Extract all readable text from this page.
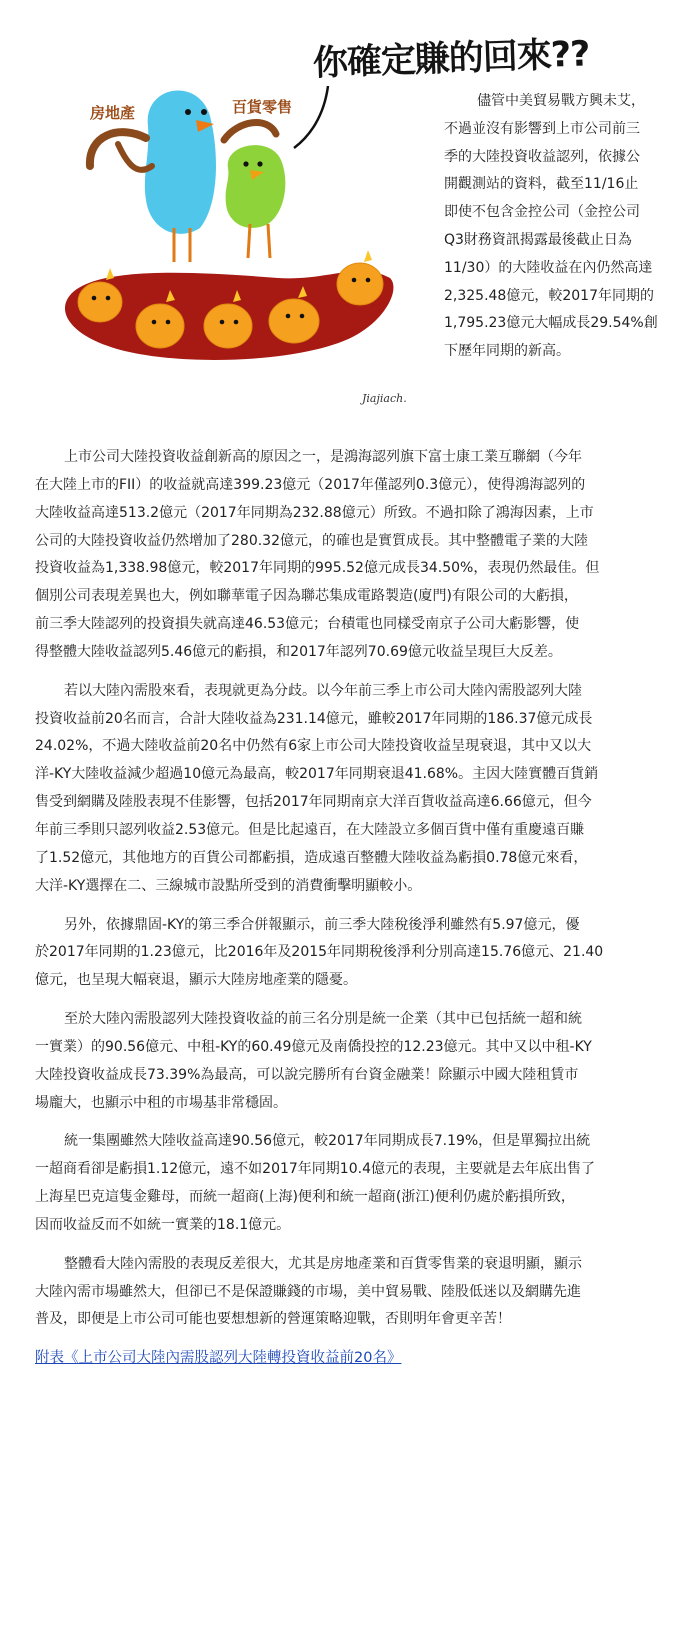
你確定賺的回來??
房地產	百貨零售
Jiajiach.
儘管中美貿易戰方興未艾，
不過並沒有影響到上市公司前三
季的大陸投資收益認列，依據公
開觀測站的資料，截至11/16止
即使不包含金控公司（金控公司
Q3財務資訊揭露最後截止日為
11/30）的大陸收益在內仍然高達
2,325.48億元，較2017年同期的
1,795.23億元大幅成長29.54%創
下歷年同期的新高。

上市公司大陸投資收益創新高的原因之一，是鴻海認列旗下富士康工業互聯網（今年
在大陸上市的FII）的收益就高達399.23億元（2017年僅認列0.3億元），使得鴻海認列的
大陸收益高達513.2億元（2017年同期為232.88億元）所致。不過扣除了鴻海因素，上市
公司的大陸投資收益仍然增加了280.32億元，的確也是實質成長。其中整體電子業的大陸
投資收益為1,338.98億元，較2017年同期的995.52億元成長34.50%，表現仍然最佳。但
個別公司表現差異也大，例如聯華電子因為聯芯集成電路製造(廈門)有限公司的大虧損，
前三季大陸認列的投資損失就高達46.53億元；台積電也同樣受南京子公司大虧影響，使
得整體大陸收益認列5.46億元的虧損，和2017年認列70.69億元收益呈現巨大反差。

若以大陸內需股來看，表現就更為分歧。以今年前三季上市公司大陸內需股認列大陸
投資收益前20名而言，合計大陸收益為231.14億元，雖較2017年同期的186.37億元成長
24.02%，不過大陸收益前20名中仍然有6家上市公司大陸投資收益呈現衰退，其中又以大
洋-KY大陸收益減少超過10億元為最高，較2017年同期衰退41.68%。主因大陸實體百貨銷
售受到網購及陸股表現不佳影響，包括2017年同期南京大洋百貨收益高達6.66億元，但今
年前三季則只認列收益2.53億元。但是比起遠百，在大陸設立多個百貨中僅有重慶遠百賺
了1.52億元，其他地方的百貨公司都虧損，造成遠百整體大陸收益為虧損0.78億元來看，
大洋-KY選擇在二、三線城市設點所受到的消費衝擊明顯較小。

另外，依據鼎固-KY的第三季合併報顯示，前三季大陸稅後淨利雖然有5.97億元，優
於2017年同期的1.23億元，比2016年及2015年同期稅後淨利分別高達15.76億元、21.40
億元，也呈現大幅衰退，顯示大陸房地產業的隱憂。

至於大陸內需股認列大陸投資收益的前三名分別是統一企業（其中已包括統一超和統
一實業）的90.56億元、中租-KY的60.49億元及南僑投控的12.23億元。其中又以中租-KY
大陸投資收益成長73.39%為最高，可以說完勝所有台資金融業！除顯示中國大陸租賃市
場龐大，也顯示中租的市場基非常穩固。

統一集團雖然大陸收益高達90.56億元，較2017年同期成長7.19%，但是單獨拉出統
一超商看卻是虧損1.12億元，遠不如2017年同期10.4億元的表現，主要就是去年底出售了
上海星巴克這隻金雞母，而統一超商(上海)便利和統一超商(浙江)便利仍處於虧損所致，
因而收益反而不如統一實業的18.1億元。

整體看大陸內需股的表現反差很大，尤其是房地產業和百貨零售業的衰退明顯，顯示
大陸內需市場雖然大，但卻已不是保證賺錢的市場，美中貿易戰、陸股低迷以及網購先進
普及，即便是上市公司可能也要想想新的營運策略迎戰，否則明年會更辛苦！

附表《上市公司大陸內需股認列大陸轉投資收益前20名》
